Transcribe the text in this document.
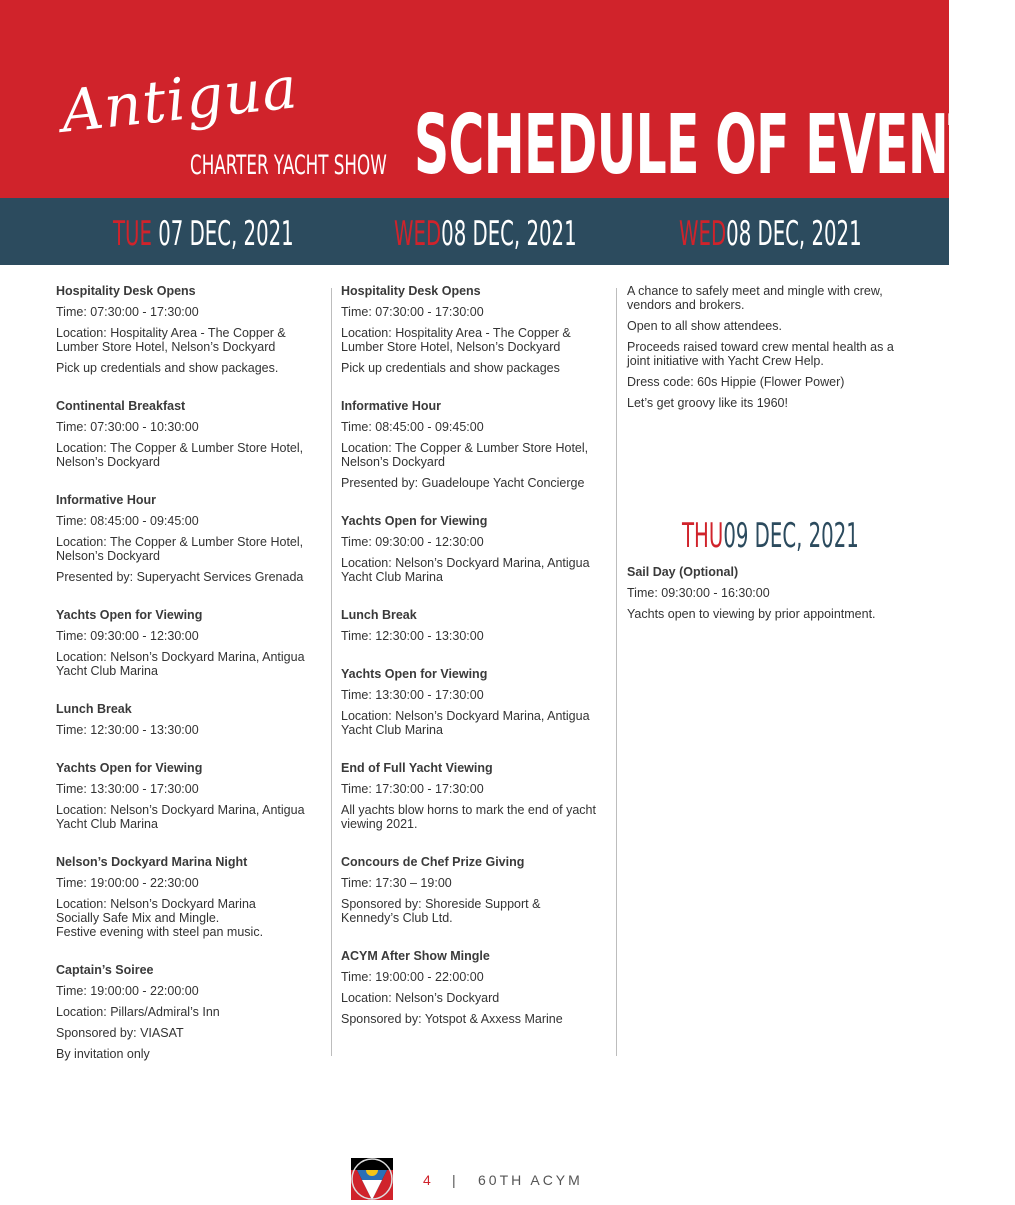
Antigua
CHARTER YACHT SHOW SCHEDULE OF EVENTS
TUE 07 DEC, 2021	WED08 DEC, 2021	WED08 DEC, 2021
THU09 DEC, 2021
Hospitality Desk Opens
Time: 07:30:00 - 17:30:00
Location: Hospitality Area - The Copper & Lumber Store Hotel, Nelson’s Dockyard
Pick up credentials and show packages.
Continental Breakfast
Time: 07:30:00 - 10:30:00
Location: The Copper & Lumber Store Hotel, Nelson’s Dockyard
Informative Hour
Time: 08:45:00 - 09:45:00
Location: The Copper & Lumber Store Hotel, Nelson’s Dockyard
Presented by: Superyacht Services Grenada
Yachts Open for Viewing
Time: 09:30:00 - 12:30:00
Location: Nelson’s Dockyard Marina, Antigua Yacht Club Marina
Lunch Break
Time: 12:30:00 - 13:30:00
Yachts Open for Viewing
Time: 13:30:00 - 17:30:00
Location: Nelson’s Dockyard Marina, Antigua Yacht Club Marina
Nelson’s Dockyard Marina Night
Time: 19:00:00 - 22:30:00
Location: Nelson’s Dockyard Marina
Socially Safe Mix and Mingle.
Festive evening with steel pan music.
Captain’s Soiree
Time: 19:00:00 - 22:00:00
Location: Pillars/Admiral’s Inn
Sponsored by: VIASAT
By invitation only
Hospitality Desk Opens
Time: 07:30:00 - 17:30:00
Location: Hospitality Area - The Copper & Lumber Store Hotel, Nelson’s Dockyard
Pick up credentials and show packages
Informative Hour
Time: 08:45:00 - 09:45:00
Location: The Copper & Lumber Store Hotel, Nelson’s Dockyard
Presented by: Guadeloupe Yacht Concierge
Yachts Open for Viewing
Time: 09:30:00 - 12:30:00
Location: Nelson’s Dockyard Marina, Antigua Yacht Club Marina
Lunch Break
Time: 12:30:00 - 13:30:00
Yachts Open for Viewing
Time: 13:30:00 - 17:30:00
Location: Nelson’s Dockyard Marina, Antigua Yacht Club Marina
End of Full Yacht Viewing
Time: 17:30:00 - 17:30:00
All yachts blow horns to mark the end of yacht viewing 2021.
Concours de Chef Prize Giving
Time: 17:30 – 19:00
Sponsored by: Shoreside Support & Kennedy’s Club Ltd.
ACYM After Show Mingle
Time: 19:00:00 - 22:00:00
Location: Nelson’s Dockyard
Sponsored by: Yotspot & Axxess Marine
A chance to safely meet and mingle with crew, vendors and brokers.
Open to all show attendees.
Proceeds raised toward crew mental health as a joint initiative with Yacht Crew Help.
Dress code: 60s Hippie (Flower Power)
Let’s get groovy like its 1960!
Sail Day (Optional)
Time: 09:30:00 - 16:30:00
Yachts open to viewing by prior appointment.
4 | 60TH ACYM
